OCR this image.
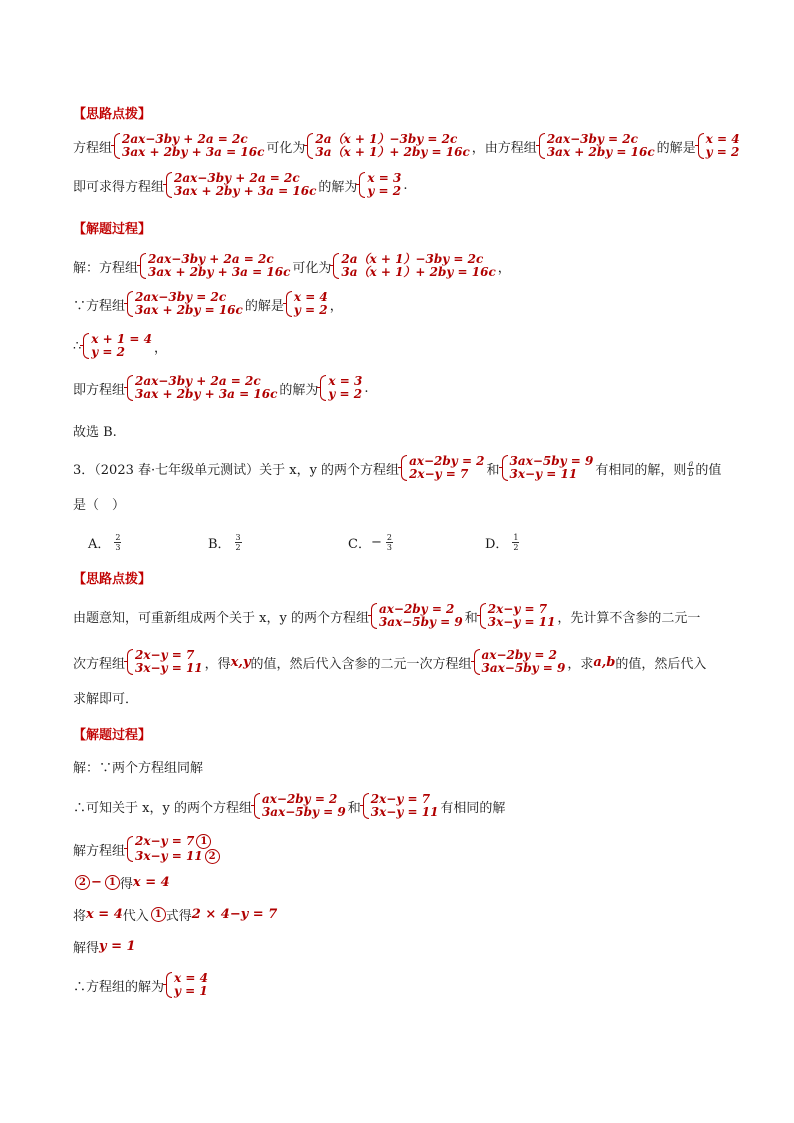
【思路点拨】
方程组
2ax−3by + 2a = 2c
3ax + 2by + 3a = 16c 可化为
2a（x + 1）−3by = 2c
3a（x + 1）+ 2by = 16c ，由方程组
2ax−3by = 2c
3ax + 2by = 16c 的解是
x = 4
y = 2
即可求得方程组
2ax−3by + 2a = 2c
3ax + 2by + 3a = 16c 的解为
x = 3
y = 2 .
【解题过程】
解：方程组
2ax−3by + 2a = 2c
3ax + 2by + 3a = 16c 可化为
2a（x + 1）−3by = 2c
3a（x + 1）+ 2by = 16c ，
∵方程组
2ax−3by = 2c
3ax + 2by = 16c 的解是
x = 4
y = 2 ，
∴ x + 1 = 4
y = 2	，
即方程组
2ax−3by + 2a = 2c
3ax + 2by + 3a = 16c 的解为
x = 3
y = 2 .
故选 B.
3．（2023 春·七年级单元测试）关于 x，y 的两个方程组
ax−2by = 2
2x−y = 7	和
3ax−5by = 9
3x−y = 11	有相同的解，则 $\frac{a}{b}$ 的值
是（　）
A． $\frac{2}{3}$	B． $\frac{3}{2}$	C． − $\frac{2}{3}$	D． $\frac{1}{2}$
【思路点拨】
由题意知，可重新组成两个关于 x，y 的两个方程组
ax−2by = 2
3ax−5by = 9 和
2x−y = 7
3x−y = 11 ，先计算不含参的二元一
次方程组
2x−y = 7
3x−y = 11 ，得 x,y 的值，然后代入含参的二元一次方程组
ax−2by = 2
3ax−5by = 9 ，求 a,b 的值，然后代入
求解即可．
【解题过程】
解：∵两个方程组同解
∴可知关于 x，y 的两个方程组
ax−2by = 2
3ax−5by = 9 和
2x−y = 7
3x−y = 11 有相同的解
解方程组
2x−y = 7 1
3x−y = 11 2
2 − 1 得 x = 4
将 x = 4 代入 1 式得 2 × 4−y = 7
解得 y = 1
∴方程组的解为
x = 4
y = 1
